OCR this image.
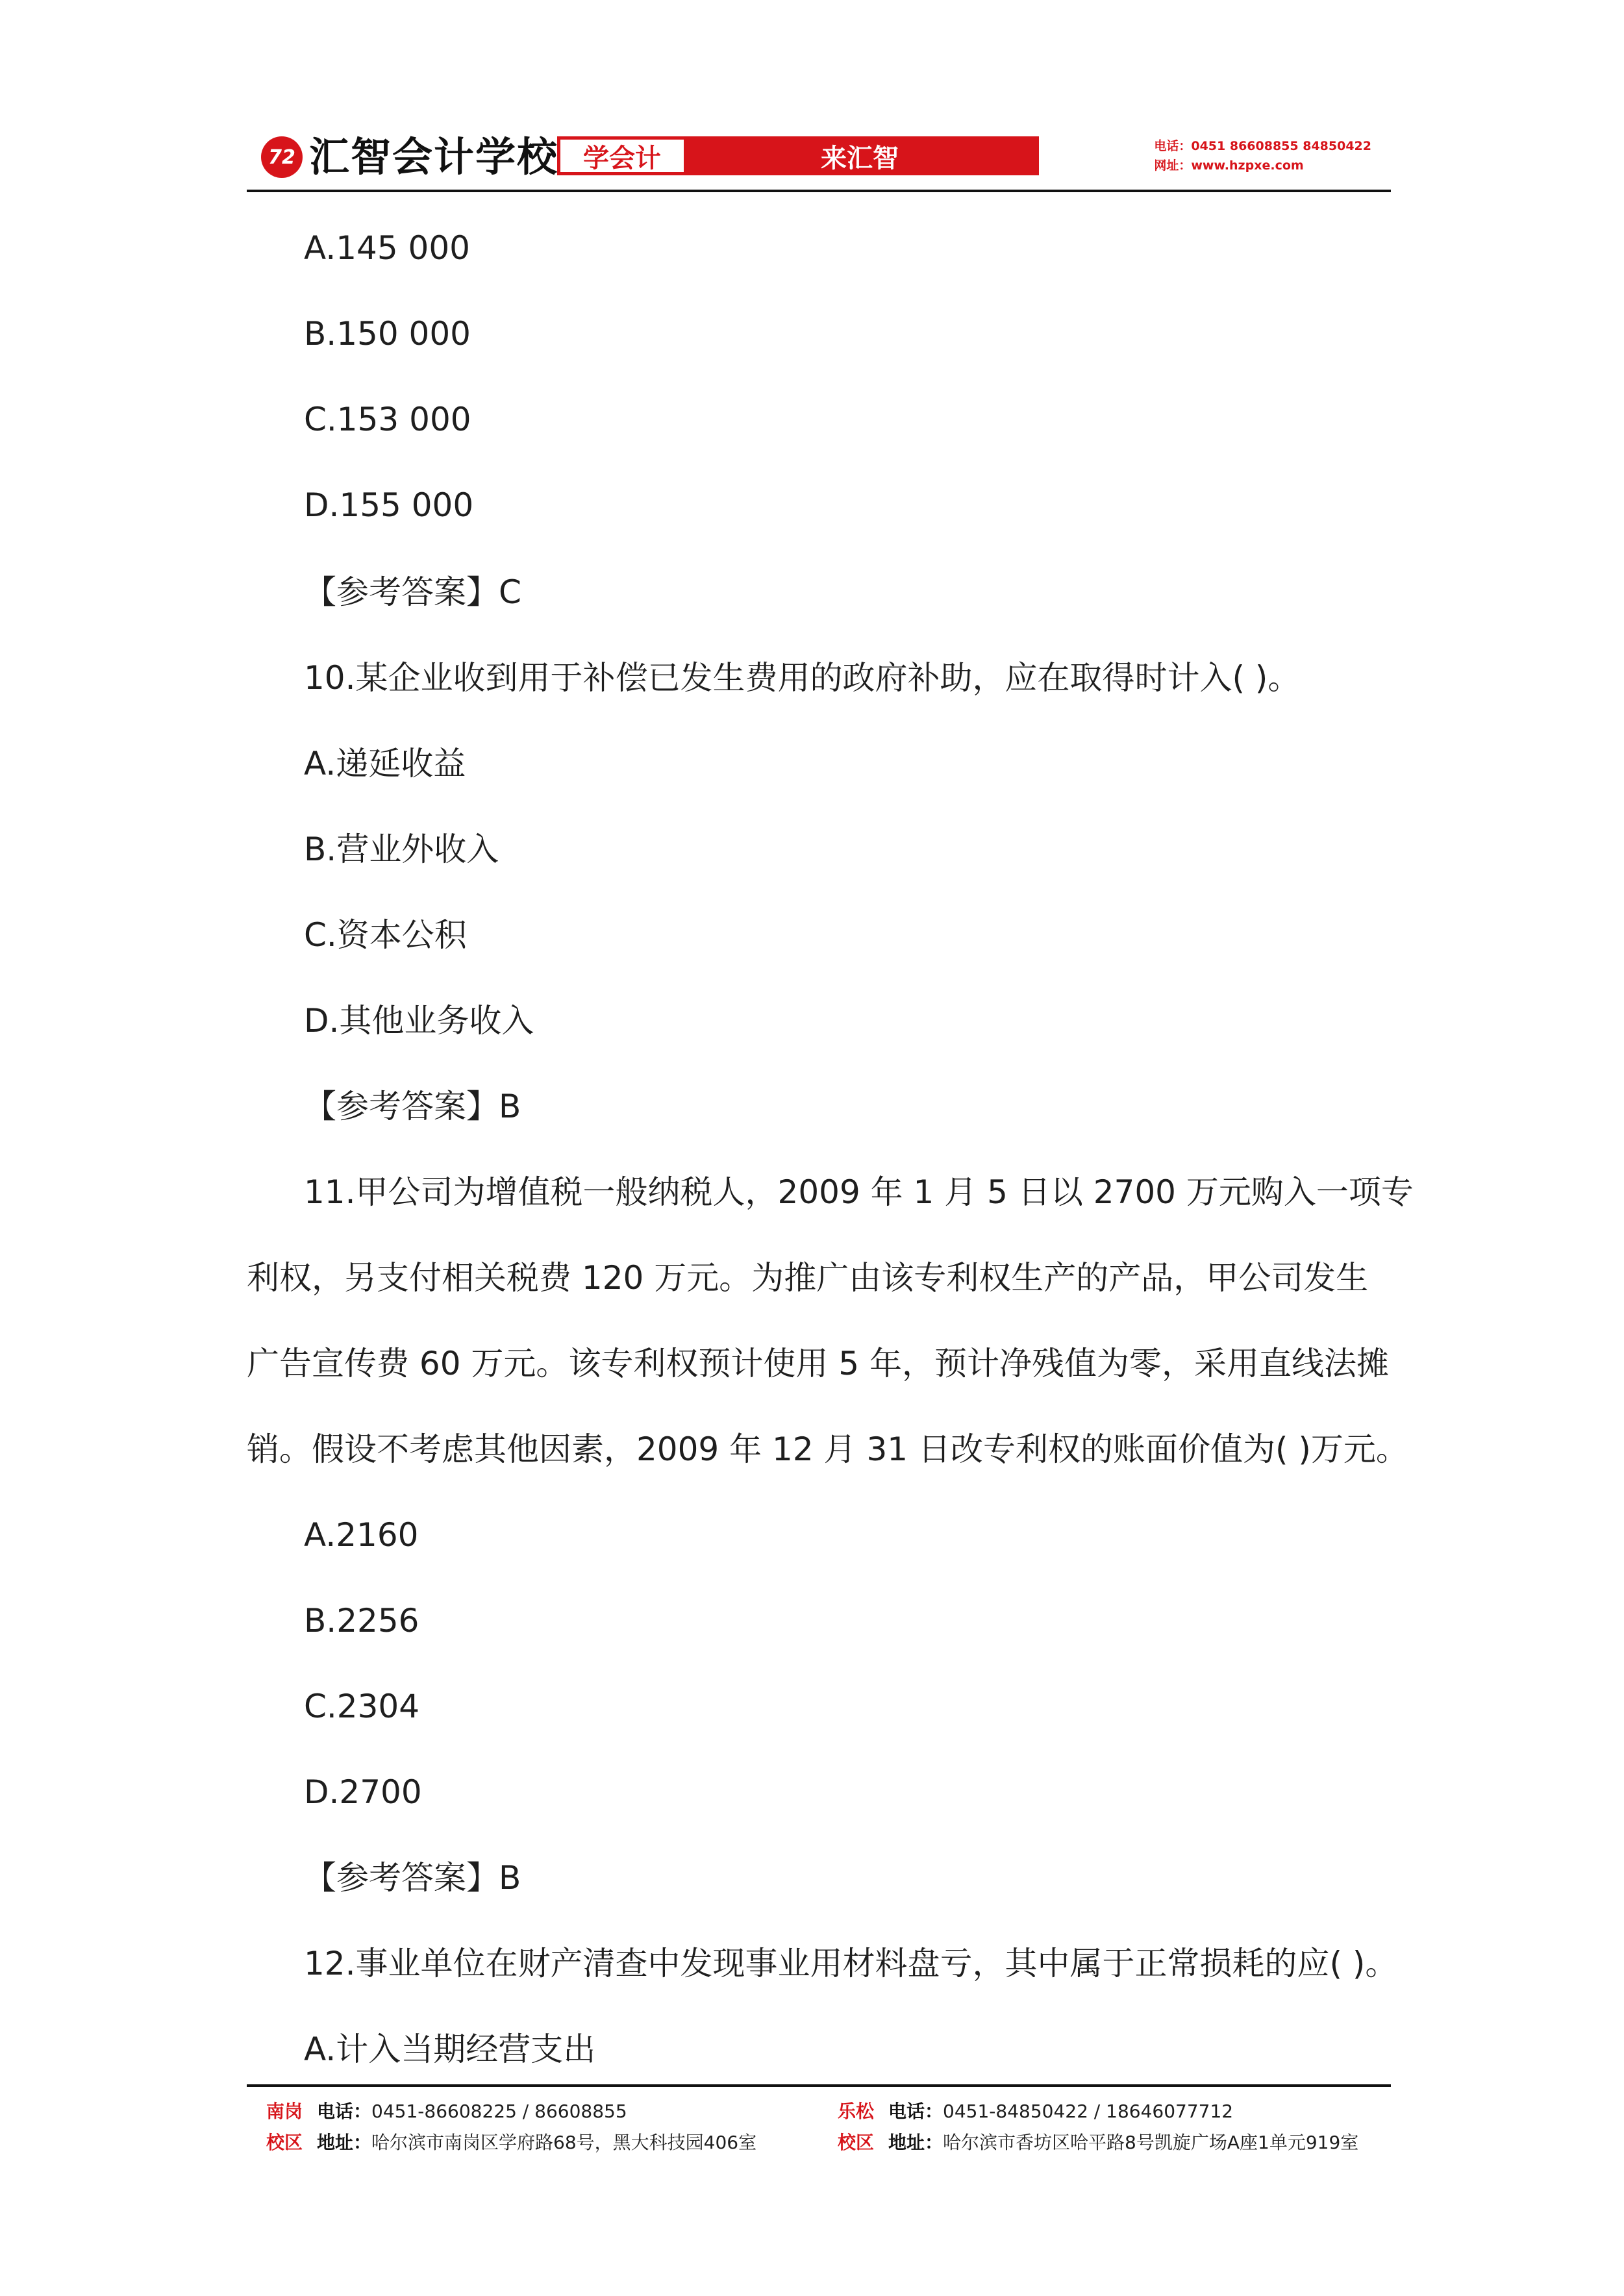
72 汇智会计学校 学会计	来汇智	电话：0451 86608855 84850422
网址：www.hzpxe.com
A.145 000
B.150 000
C.153 000
D.155 000
【参考答案】C
10.某企业收到用于补偿已发生费用的政府补助，应在取得时计入( )。
A.递延收益
B.营业外收入
C.资本公积
D.其他业务收入
【参考答案】B
11.甲公司为增值税一般纳税人，2009 年 1 月 5 日以 2700 万元购入一项专
利权，另支付相关税费 120 万元。为推广由该专利权生产的产品，甲公司发生
广告宣传费 60 万元。该专利权预计使用 5 年，预计净残值为零，采用直线法摊
销。假设不考虑其他因素，2009 年 12 月 31 日改专利权的账面价值为( )万元。
A.2160
B.2256
C.2304
D.2700
【参考答案】B
12.事业单位在财产清查中发现事业用材料盘亏，其中属于正常损耗的应( )。
A.计入当期经营支出
南岗 电话：0451-86608225 / 86608855
校区 地址：哈尔滨市南岗区学府路68号，黑大科技园406室
乐松 电话：0451-84850422 / 18646077712
校区 地址：哈尔滨市香坊区哈平路8号凯旋广场A座1单元919室
